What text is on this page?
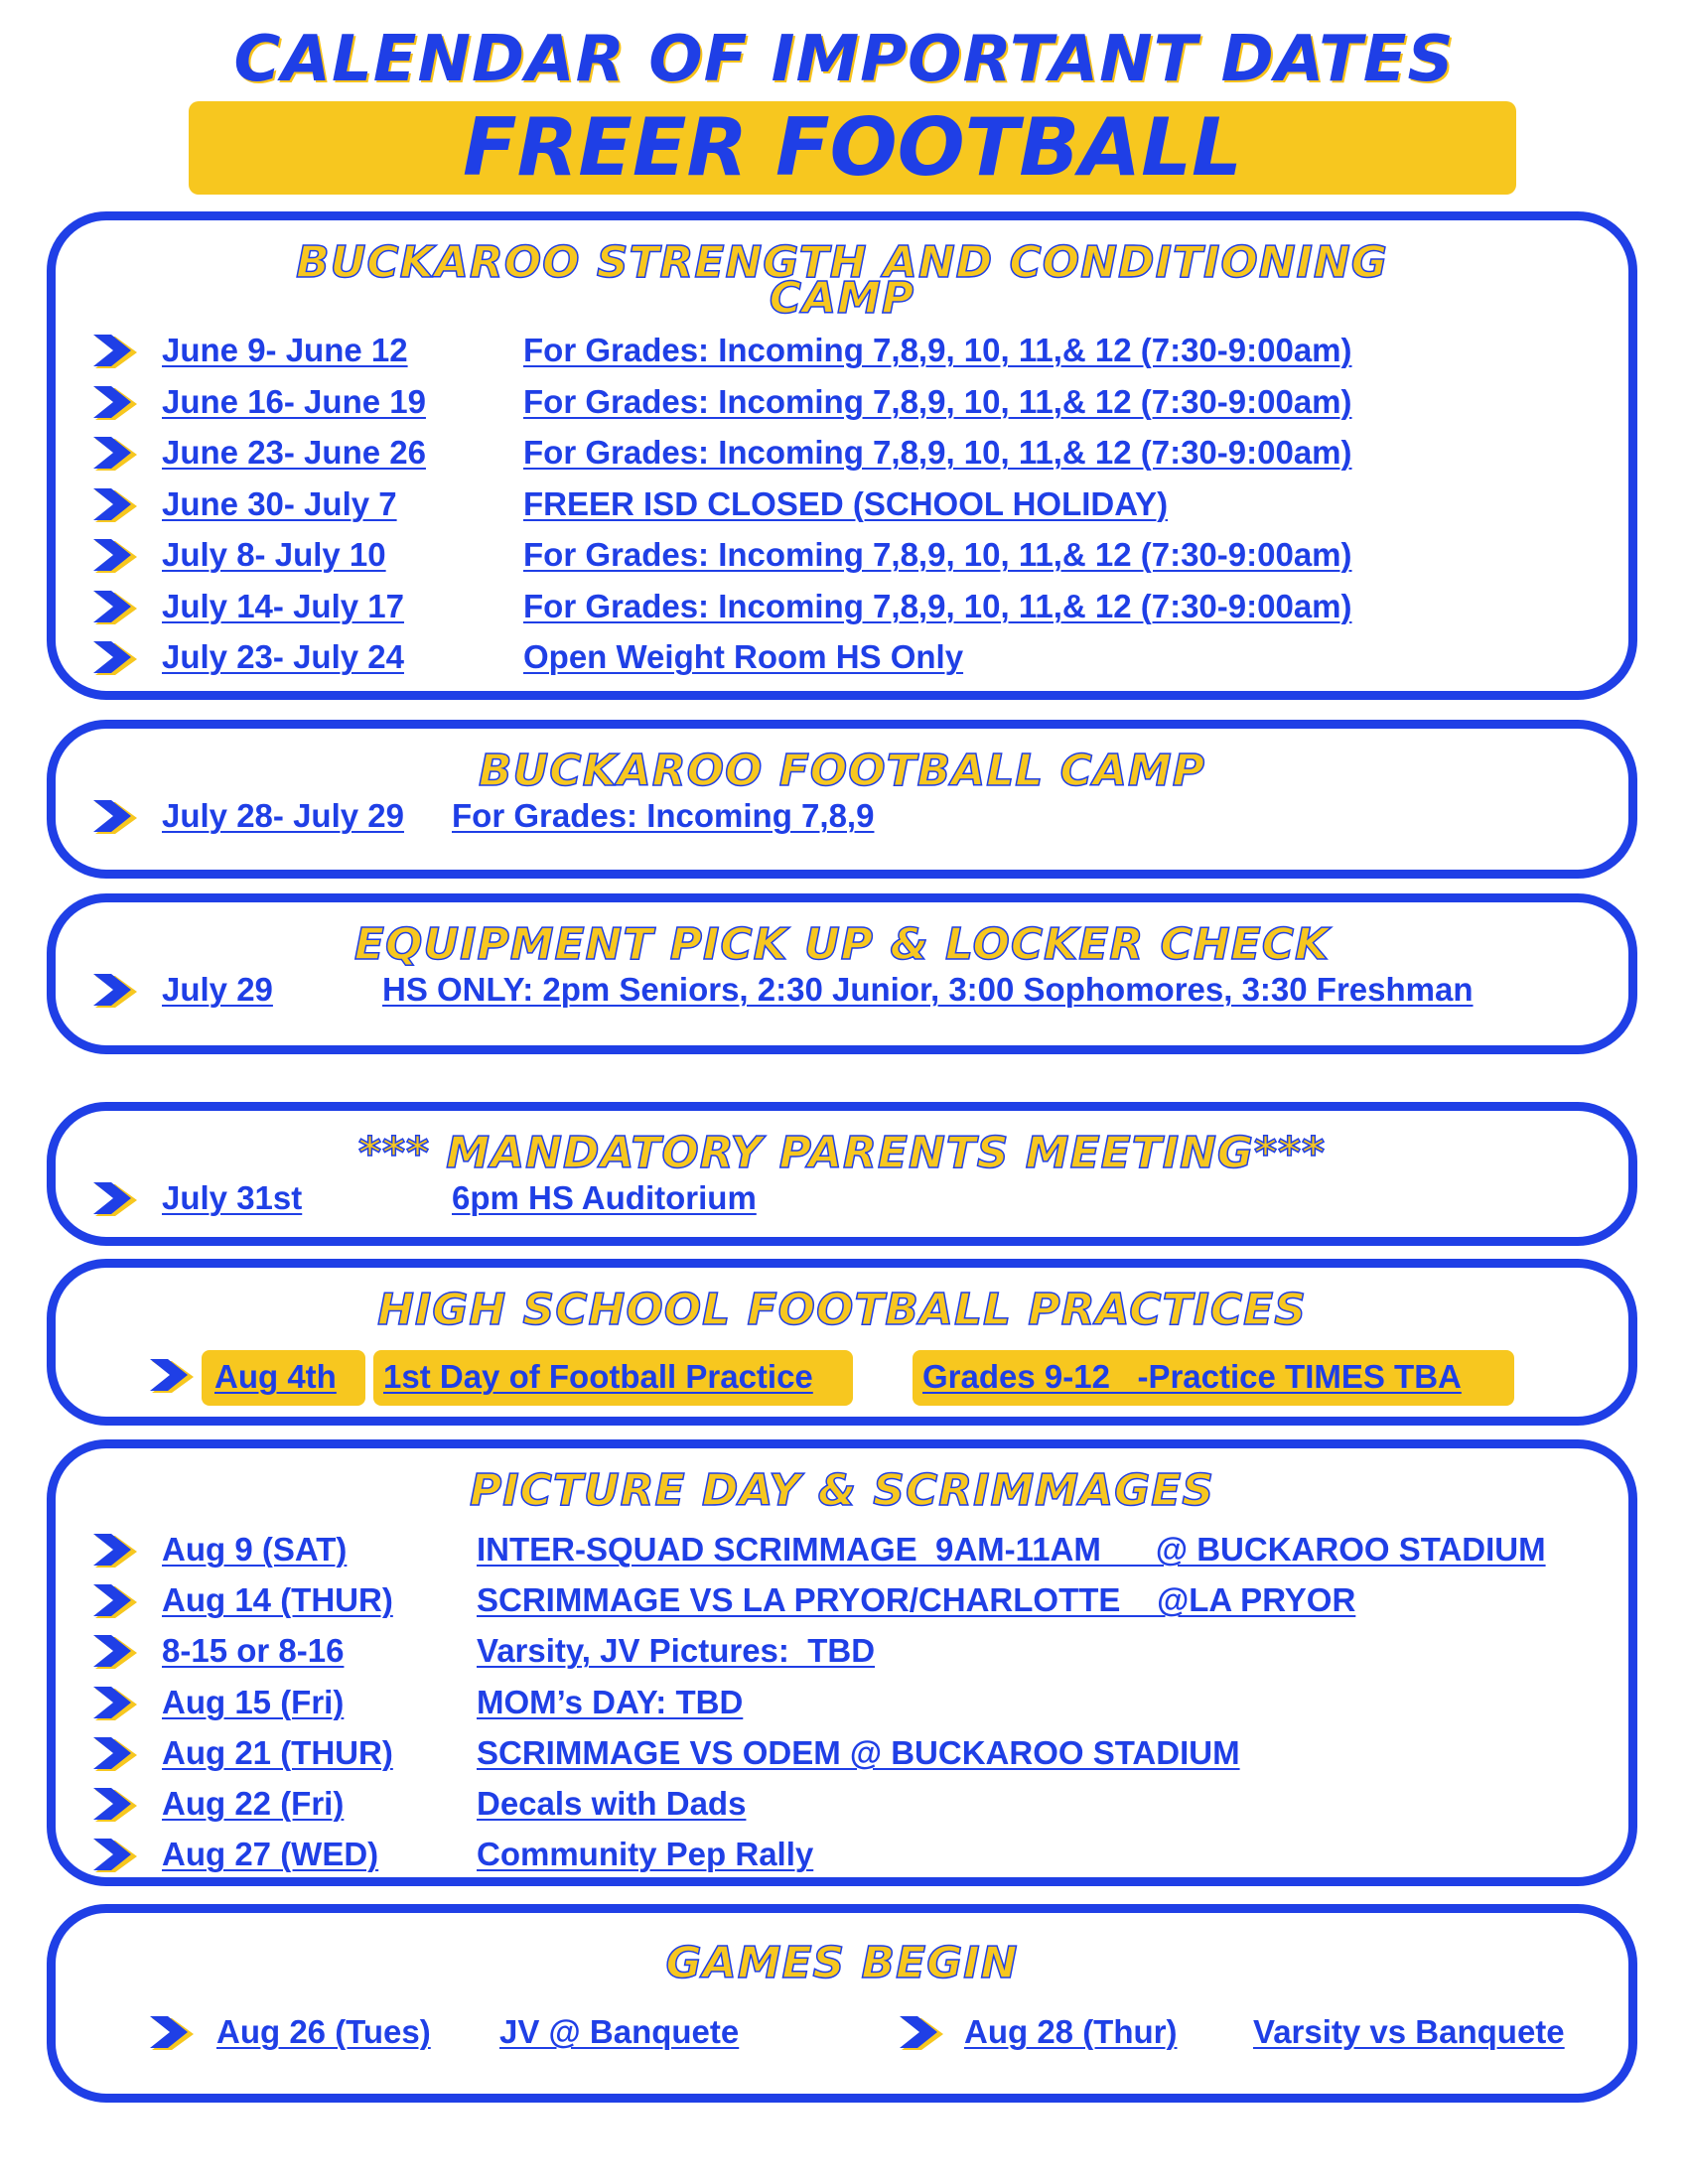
CALENDAR OF IMPORTANT DATES
FREER FOOTBALL
BUCKAROO STRENGTH AND CONDITIONING
CAMP
June 9- June 12	For Grades: Incoming 7,8,9, 10, 11,& 12 (7:30-9:00am)
June 16- June 19	For Grades: Incoming 7,8,9, 10, 11,& 12 (7:30-9:00am)
June 23- June 26	For Grades: Incoming 7,8,9, 10, 11,& 12 (7:30-9:00am)
June 30- July 7	FREER ISD CLOSED (SCHOOL HOLIDAY)
July 8- July 10	For Grades: Incoming 7,8,9, 10, 11,& 12 (7:30-9:00am)
July 14- July 17	For Grades: Incoming 7,8,9, 10, 11,& 12 (7:30-9:00am)
July 23- July 24	Open Weight Room HS Only
BUCKAROO FOOTBALL CAMP
July 28- July 29 For Grades: Incoming 7,8,9
EQUIPMENT PICK UP & LOCKER CHECK
July 29	HS ONLY: 2pm Seniors, 2:30 Junior, 3:00 Sophomores, 3:30 Freshman
*** MANDATORY PARENTS MEETING***
July 31st	6pm HS Auditorium
HIGH SCHOOL FOOTBALL PRACTICES
Aug 4th 1st Day of Football Practice	Grades 9-12   -Practice TIMES TBA
PICTURE DAY & SCRIMMAGES
Aug 9 (SAT)	INTER-SQUAD SCRIMMAGE  9AM-11AM      @ BUCKAROO STADIUM
Aug 14 (THUR)	SCRIMMAGE VS LA PRYOR/CHARLOTTE    @LA PRYOR
8-15 or 8-16	Varsity, JV Pictures:  TBD
Aug 15 (Fri)	MOM’s DAY: TBD
Aug 21 (THUR)	SCRIMMAGE VS ODEM @ BUCKAROO STADIUM
Aug 22 (Fri)	Decals with Dads
Aug 27 (WED)	Community Pep Rally
GAMES BEGIN
Aug 26 (Tues) JV @ Banquete	Aug 28 (Thur) Varsity vs Banquete
